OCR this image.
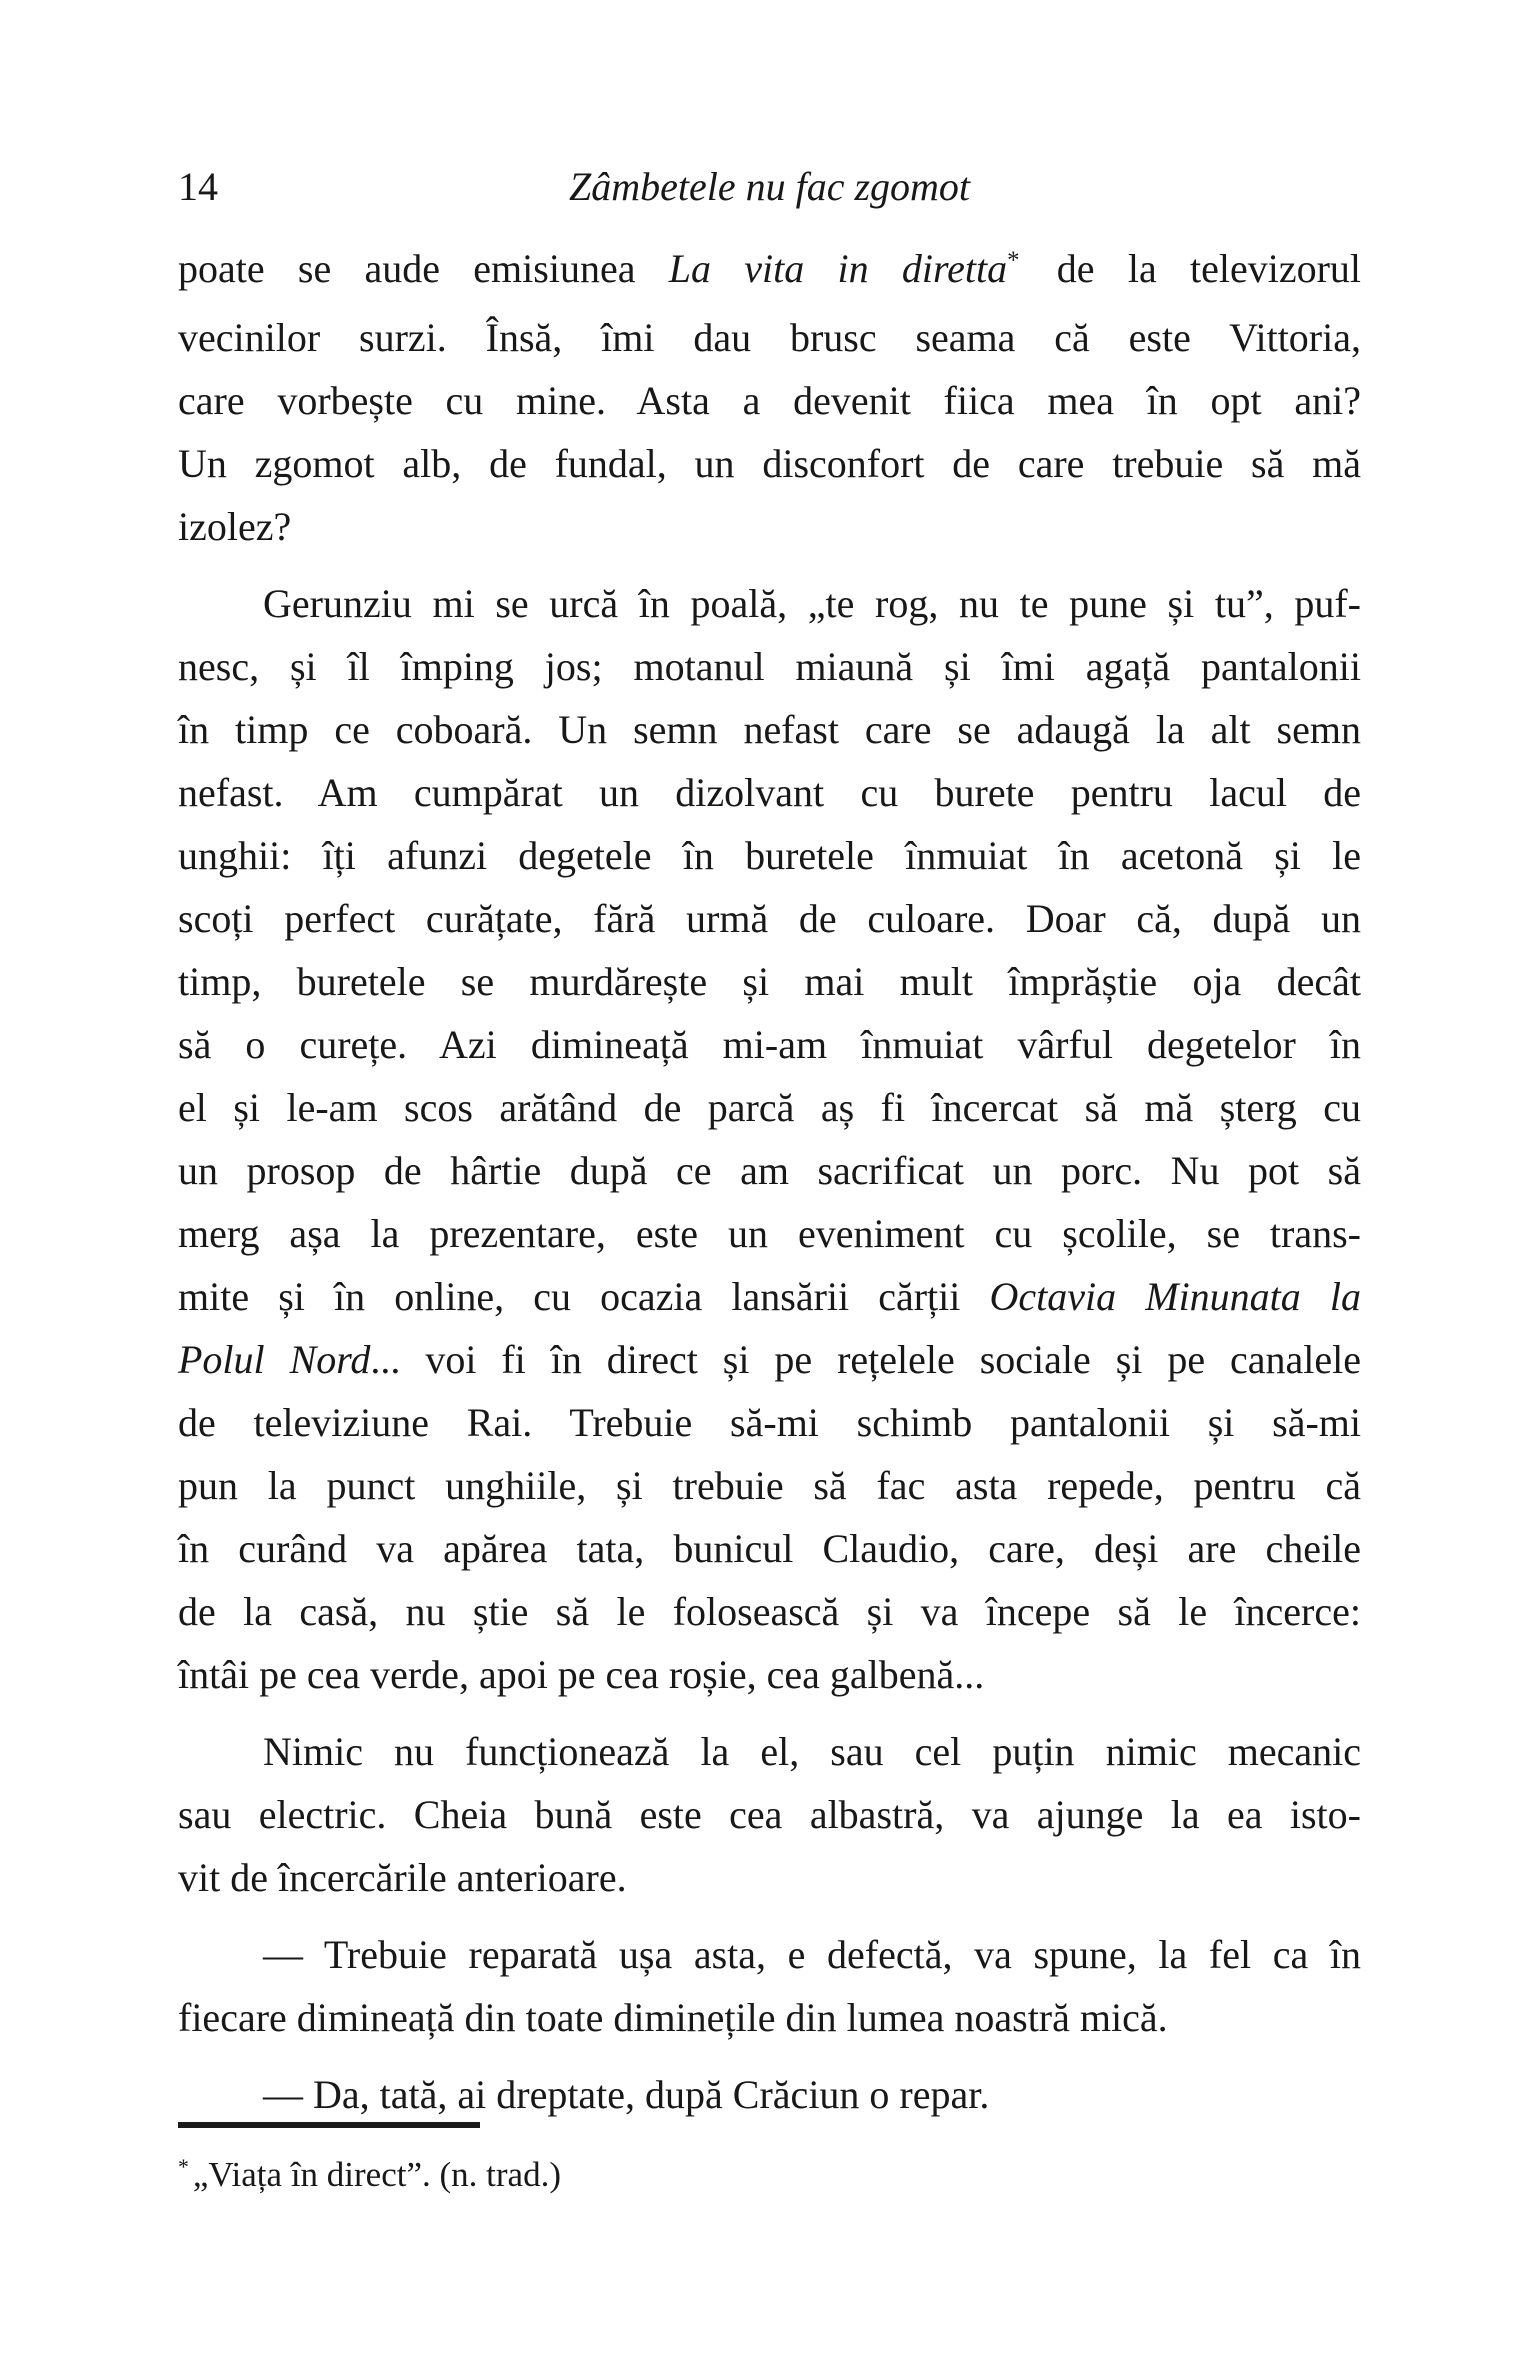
14	Zâmbetele nu fac zgomot
poate se aude emisiunea La vita in diretta* de la televizorul
vecinilor surzi. Însă, îmi dau brusc seama că este Vittoria,
care vorbește cu mine. Asta a devenit fiica mea în opt ani?
Un zgomot alb, de fundal, un disconfort de care trebuie să mă
izolez?
Gerunziu mi se urcă în poală, „te rog, nu te pune și tu”, puf-
nesc, și îl împing jos; motanul miaună și îmi agață pantalonii
în timp ce coboară. Un semn nefast care se adaugă la alt semn
nefast. Am cumpărat un dizolvant cu burete pentru lacul de
unghii: îți afunzi degetele în buretele înmuiat în acetonă și le
scoți perfect curățate, fără urmă de culoare. Doar că, după un
timp, buretele se murdărește și mai mult împrăștie oja decât
să o curețe. Azi dimineață mi-am înmuiat vârful degetelor în
el și le-am scos arătând de parcă aș fi încercat să mă șterg cu
un prosop de hârtie după ce am sacrificat un porc. Nu pot să
merg așa la prezentare, este un eveniment cu școlile, se trans-
mite și în online, cu ocazia lansării cărții Octavia Minunata la
Polul Nord... voi fi în direct și pe rețelele sociale și pe canalele
de televiziune Rai. Trebuie să-mi schimb pantalonii și să-mi
pun la punct unghiile, și trebuie să fac asta repede, pentru că
în curând va apărea tata, bunicul Claudio, care, deși are cheile
de la casă, nu știe să le folosească și va începe să le încerce:
întâi pe cea verde, apoi pe cea roșie, cea galbenă...
Nimic nu funcționează la el, sau cel puțin nimic mecanic
sau electric. Cheia bună este cea albastră, va ajunge la ea isto-
vit de încercările anterioare.
— Trebuie reparată ușa asta, e defectă, va spune, la fel ca în
fiecare dimineață din toate diminețile din lumea noastră mică.
— Da, tată, ai dreptate, după Crăciun o repar.
* „Viața în direct”. (n. trad.)
